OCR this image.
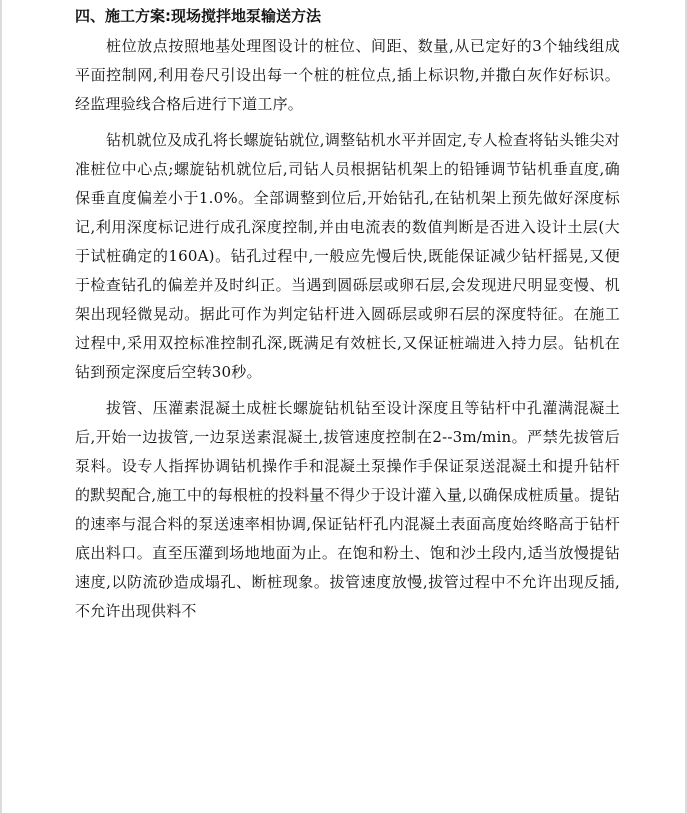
四、施工方案:现场搅拌地泵输送方法

桩位放点按照地基处理图设计的桩位、间距、数量,从已定好的3个轴线组成平面控制网,利用卷尺引设出每一个桩的桩位点,插上标识物,并撒白灰作好标识。经监理验线合格后进行下道工序。

钻机就位及成孔将长螺旋钻就位,调整钻机水平并固定,专人检查将钻头锥尖对准桩位中心点;螺旋钻机就位后,司钻人员根据钻机架上的铅锤调节钻机垂直度,确保垂直度偏差小于1.0%。全部调整到位后,开始钻孔,在钻机架上预先做好深度标记,利用深度标记进行成孔深度控制,并由电流表的数值判断是否进入设计土层(大于试桩确定的160A)。钻孔过程中,一般应先慢后快,既能保证减少钻杆摇晃,又便于检查钻孔的偏差并及时纠正。当遇到圆砾层或卵石层,会发现进尺明显变慢、机架出现轻微晃动。据此可作为判定钻杆进入圆砾层或卵石层的深度特征。在施工过程中,采用双控标准控制孔深,既满足有效桩长,又保证桩端进入持力层。钻机在钻到预定深度后空转30秒。

拔管、压灌素混凝土成桩长螺旋钻机钻至设计深度且等钻杆中孔灌满混凝土后,开始一边拔管,一边泵送素混凝土,拔管速度控制在2--3m/min。严禁先拔管后泵料。设专人指挥协调钻机操作手和混凝土泵操作手保证泵送混凝土和提升钻杆的默契配合,施工中的每根桩的投料量不得少于设计灌入量,以确保成桩质量。提钻的速率与混合料的泵送速率相协调,保证钻杆孔内混凝土表面高度始终略高于钻杆底出料口。直至压灌到场地地面为止。在饱和粉土、饱和沙土段内,适当放慢提钻速度,以防流砂造成塌孔、断桩现象。拔管速度放慢,拔管过程中不允许出现反插,不允许出现供料不
